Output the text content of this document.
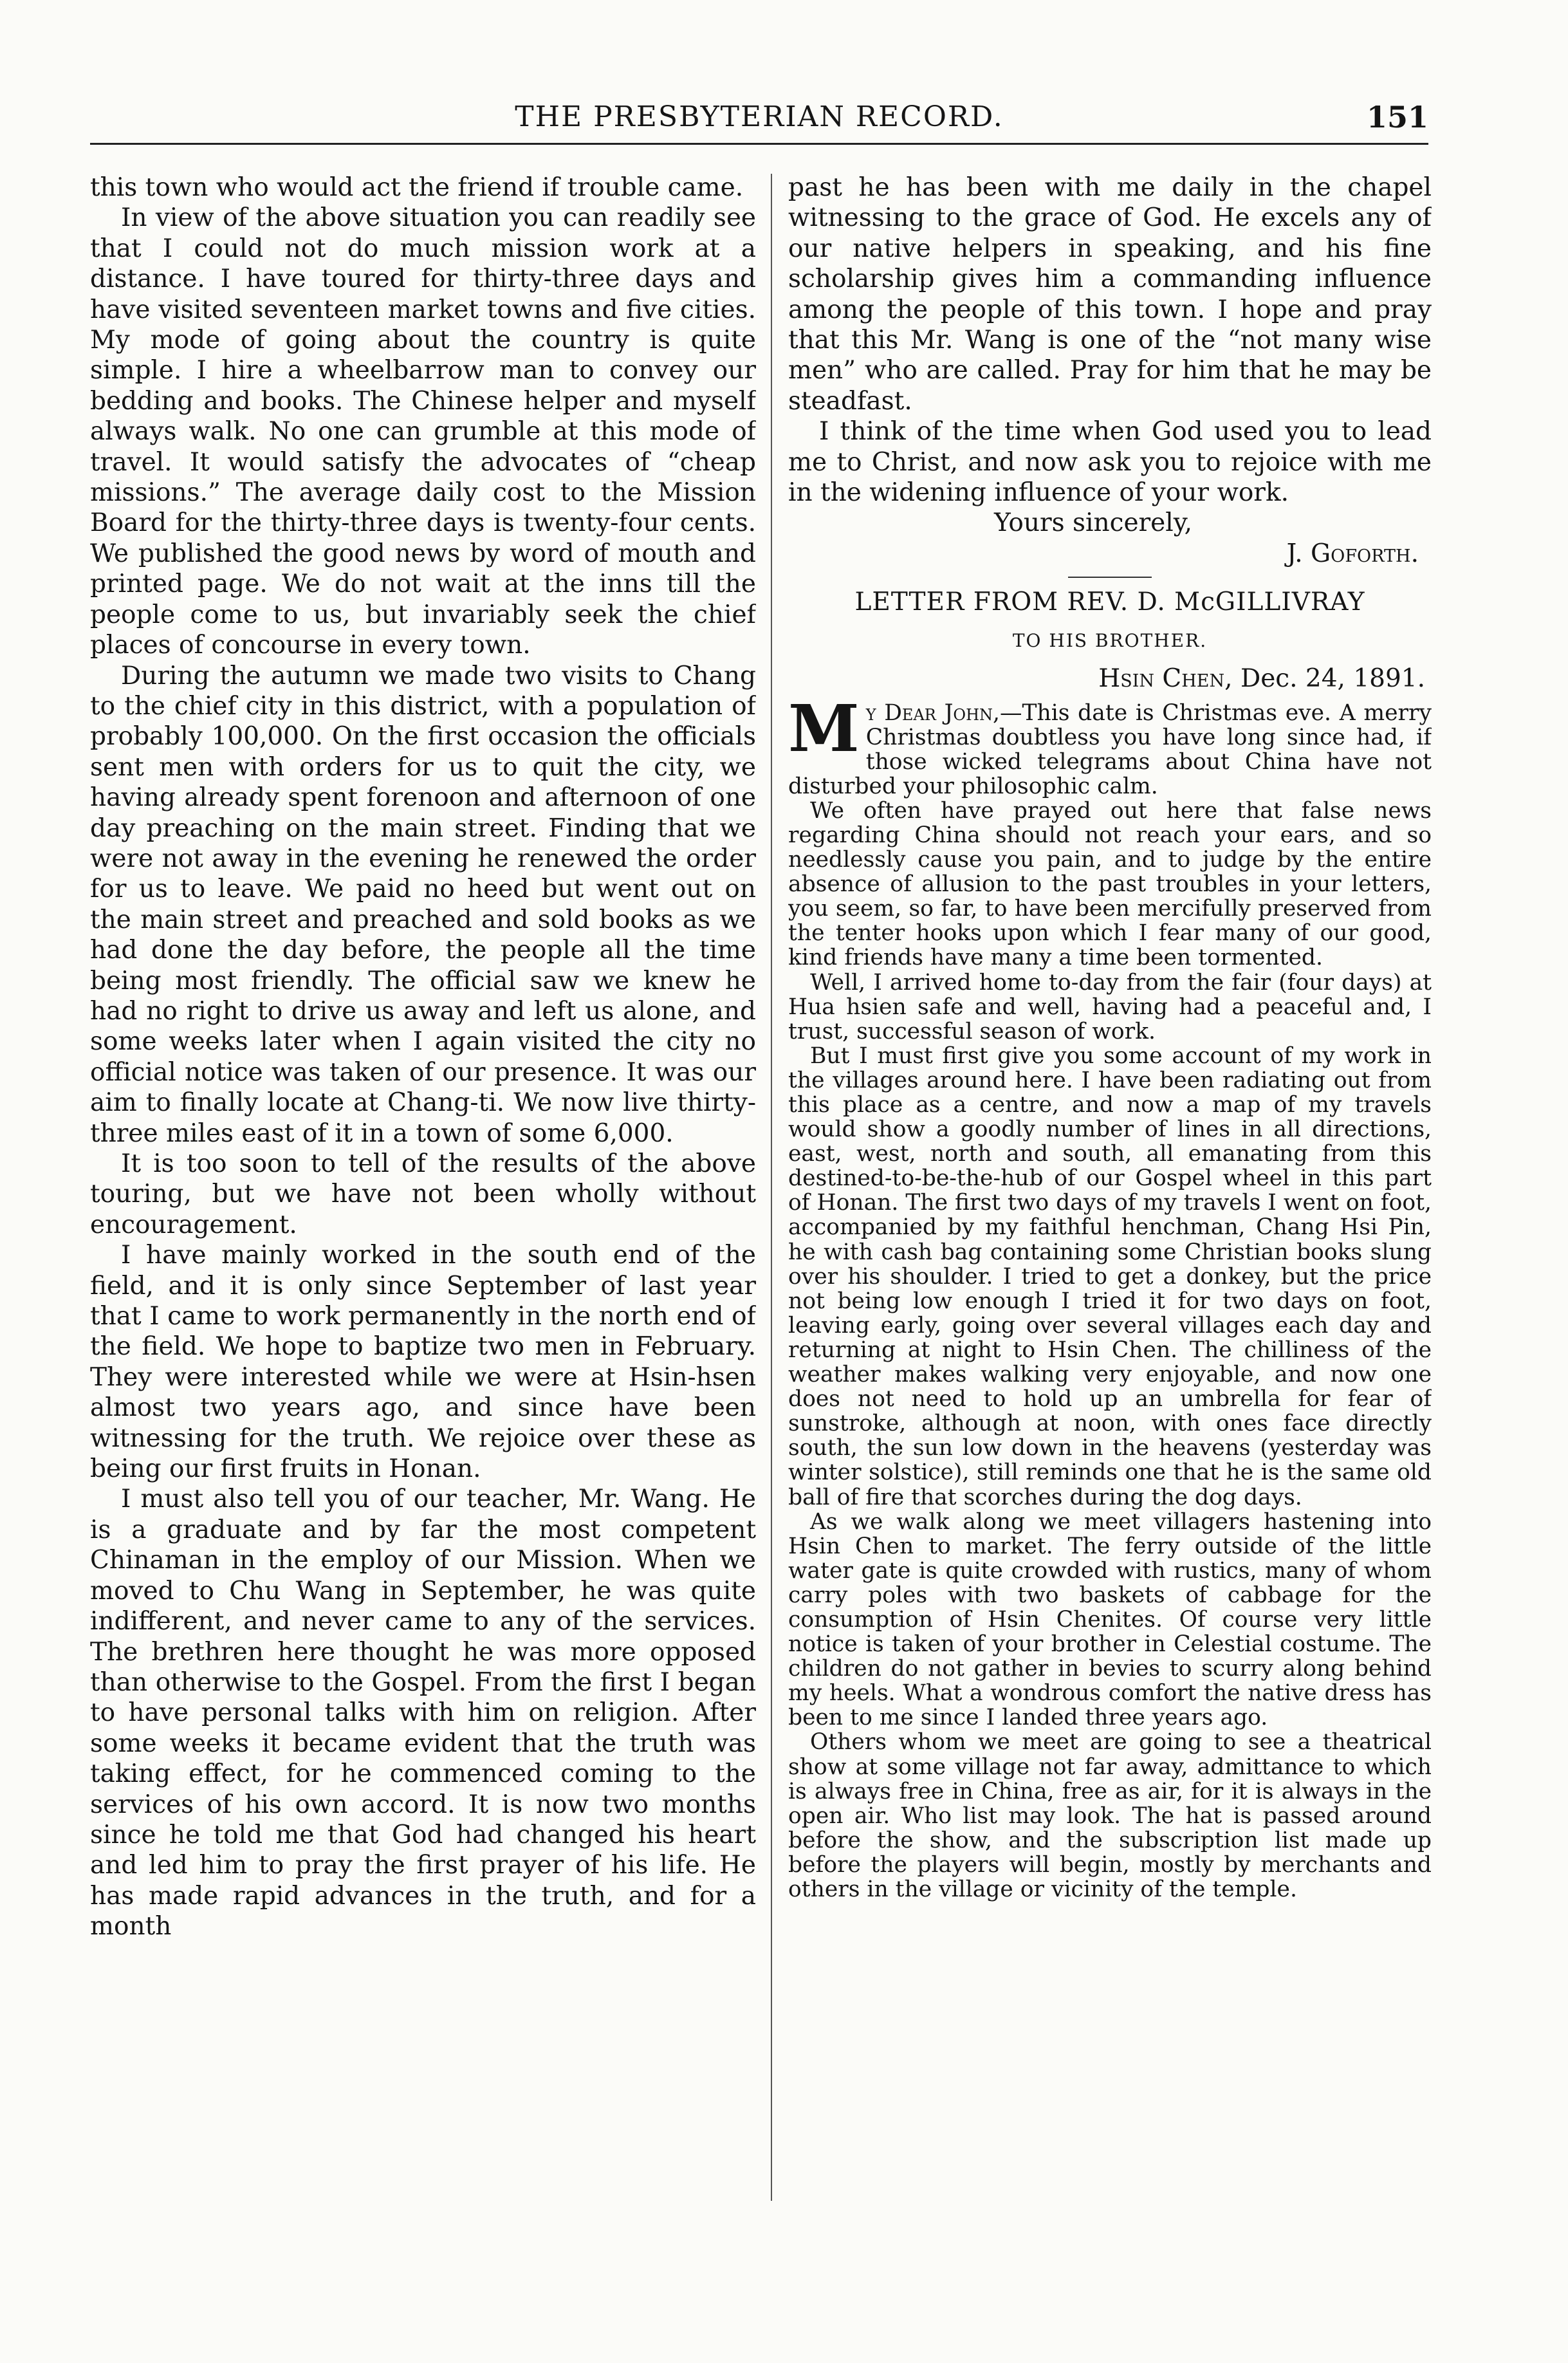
THE PRESBYTERIAN RECORD.	151

this town who would act the friend if trouble came.

In view of the above situation you can readily see that I could not do much mission work at a distance. I have toured for thirty-three days and have visited seventeen market towns and five cities. My mode of going about the country is quite simple. I hire a wheelbarrow man to convey our bedding and books. The Chinese helper and myself always walk. No one can grumble at this mode of travel. It would satisfy the advocates of “cheap missions.” The average daily cost to the Mission Board for the thirty-three days is twenty-four cents. We published the good news by word of mouth and printed page. We do not wait at the inns till the people come to us, but invariably seek the chief places of concourse in every town.

During the autumn we made two visits to Chang to the chief city in this district, with a population of probably 100,000. On the first occasion the officials sent men with orders for us to quit the city, we having already spent forenoon and afternoon of one day preaching on the main street. Finding that we were not away in the evening he renewed the order for us to leave. We paid no heed but went out on the main street and preached and sold books as we had done the day before, the people all the time being most friendly. The official saw we knew he had no right to drive us away and left us alone, and some weeks later when I again visited the city no official notice was taken of our presence. It was our aim to finally locate at Chang-ti. We now live thirty-three miles east of it in a town of some 6,000.

It is too soon to tell of the results of the above touring, but we have not been wholly without encouragement.

I have mainly worked in the south end of the field, and it is only since September of last year that I came to work permanently in the north end of the field. We hope to baptize two men in February. They were interested while we were at Hsin-hsen almost two years ago, and since have been witnessing for the truth. We rejoice over these as being our first fruits in Honan.

I must also tell you of our teacher, Mr. Wang. He is a graduate and by far the most competent Chinaman in the employ of our Mission. When we moved to Chu Wang in September, he was quite indifferent, and never came to any of the services. The brethren here thought he was more opposed than otherwise to the Gospel. From the first I began to have personal talks with him on religion. After some weeks it became evident that the truth was taking effect, for he commenced coming to the services of his own accord. It is now two months since he told me that God had changed his heart and led him to pray the first prayer of his life. He has made rapid advances in the truth, and for a month

past he has been with me daily in the chapel witnessing to the grace of God. He excels any of our native helpers in speaking, and his fine scholarship gives him a commanding influence among the people of this town. I hope and pray that this Mr. Wang is one of the “not many wise men” who are called. Pray for him that he may be steadfast.

I think of the time when God used you to lead me to Christ, and now ask you to rejoice with me in the widening influence of your work.

Yours sincerely,

J. Goforth.

LETTER FROM REV. D. McGILLIVRAY

TO HIS BROTHER.

Hsin Chen, Dec. 24, 1891.

My Dear John,—This date is Christmas eve. A merry Christmas doubtless you have long since had, if those wicked telegrams about China have not disturbed your philosophic calm.

We often have prayed out here that false news regarding China should not reach your ears, and so needlessly cause you pain, and to judge by the entire absence of allusion to the past troubles in your letters, you seem, so far, to have been mercifully preserved from the tenter hooks upon which I fear many of our good, kind friends have many a time been tormented.

Well, I arrived home to-day from the fair (four days) at Hua hsien safe and well, having had a peaceful and, I trust, successful season of work.

But I must first give you some account of my work in the villages around here. I have been radiating out from this place as a centre, and now a map of my travels would show a goodly number of lines in all directions, east, west, north and south, all emanating from this destined-to-be-the-hub of our Gospel wheel in this part of Honan. The first two days of my travels I went on foot, accompanied by my faithful henchman, Chang Hsi Pin, he with cash bag containing some Christian books slung over his shoulder. I tried to get a donkey, but the price not being low enough I tried it for two days on foot, leaving early, going over several villages each day and returning at night to Hsin Chen. The chilliness of the weather makes walking very enjoyable, and now one does not need to hold up an umbrella for fear of sunstroke, although at noon, with ones face directly south, the sun low down in the heavens (yesterday was winter solstice), still reminds one that he is the same old ball of fire that scorches during the dog days.

As we walk along we meet villagers hastening into Hsin Chen to market. The ferry outside of the little water gate is quite crowded with rustics, many of whom carry poles with two baskets of cabbage for the consumption of Hsin Chenites. Of course very little notice is taken of your brother in Celestial costume. The children do not gather in bevies to scurry along behind my heels. What a wondrous comfort the native dress has been to me since I landed three years ago.

Others whom we meet are going to see a theatrical show at some village not far away, admittance to which is always free in China, free as air, for it is always in the open air. Who list may look. The hat is passed around before the show, and the subscription list made up before the players will begin, mostly by merchants and others in the village or vicinity of the temple.
